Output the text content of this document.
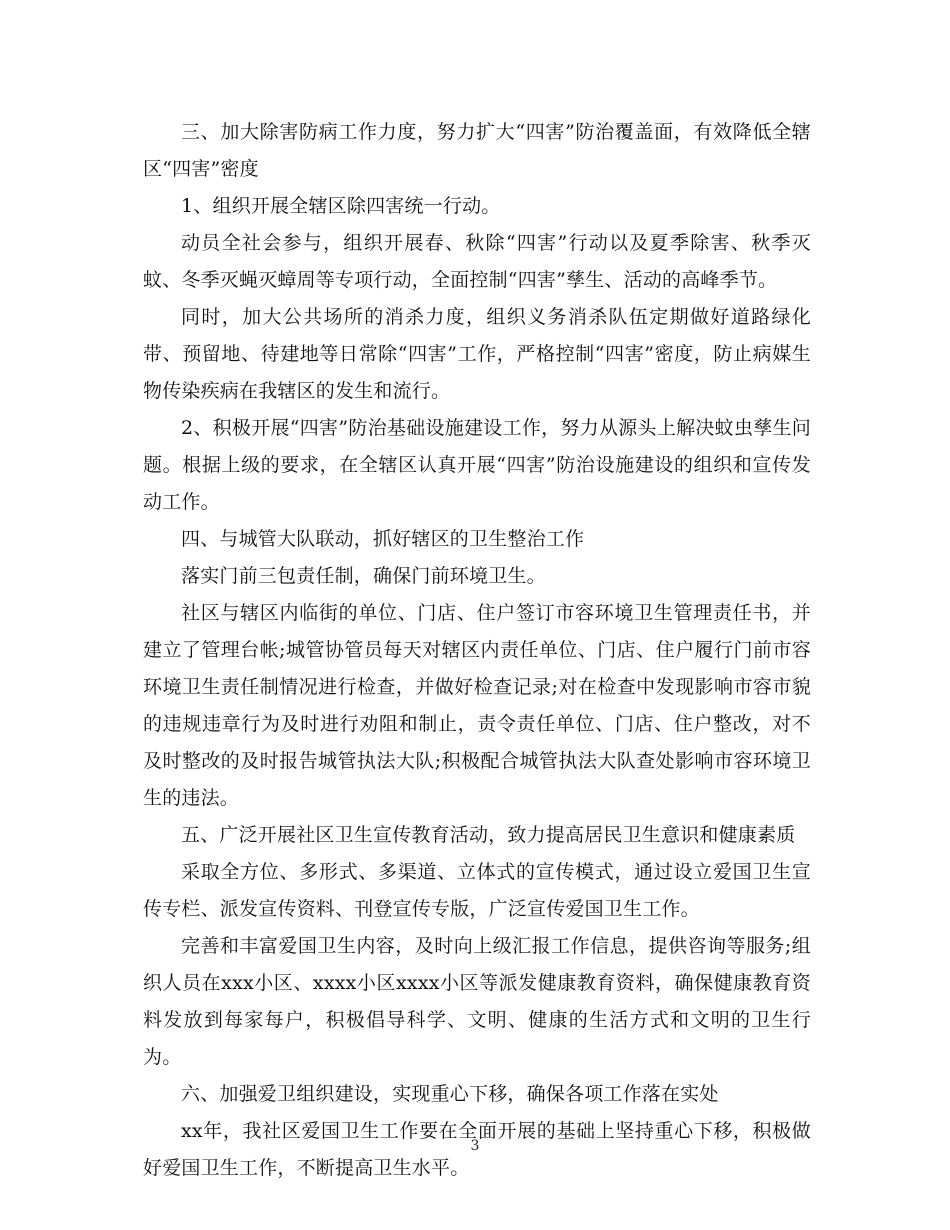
三、加大除害防病工作力度，努力扩大“四害”防治覆盖面，有效降低全辖区“四害”密度

1、组织开展全辖区除四害统一行动。

动员全社会参与，组织开展春、秋除“四害”行动以及夏季除害、秋季灭蚊、冬季灭蝇灭蟑周等专项行动，全面控制“四害”孳生、活动的高峰季节。

同时，加大公共场所的消杀力度，组织义务消杀队伍定期做好道路绿化带、预留地、待建地等日常除“四害”工作，严格控制“四害”密度，防止病媒生物传染疾病在我辖区的发生和流行。

2、积极开展“四害”防治基础设施建设工作，努力从源头上解决蚊虫孳生问题。根据上级的要求，在全辖区认真开展“四害”防治设施建设的组织和宣传发动工作。

四、与城管大队联动，抓好辖区的卫生整治工作

落实门前三包责任制，确保门前环境卫生。

社区与辖区内临街的单位、门店、住户签订市容环境卫生管理责任书，并建立了管理台帐;城管协管员每天对辖区内责任单位、门店、住户履行门前市容环境卫生责任制情况进行检查，并做好检查记录;对在检查中发现影响市容市貌的违规违章行为及时进行劝阻和制止，责令责任单位、门店、住户整改，对不及时整改的及时报告城管执法大队;积极配合城管执法大队查处影响市容环境卫生的违法。

五、广泛开展社区卫生宣传教育活动，致力提高居民卫生意识和健康素质

采取全方位、多形式、多渠道、立体式的宣传模式，通过设立爱国卫生宣传专栏、派发宣传资料、刊登宣传专版，广泛宣传爱国卫生工作。

完善和丰富爱国卫生内容，及时向上级汇报工作信息，提供咨询等服务;组织人员在xxx小区、xxxx小区xxxx小区等派发健康教育资料，确保健康教育资料发放到每家每户，积极倡导科学、文明、健康的生活方式和文明的卫生行为。

六、加强爱卫组织建设，实现重心下移，确保各项工作落在实处

xx年，我社区爱国卫生工作要在全面开展的基础上坚持重心下移，积极做好爱国卫生工作，不断提高卫生水平。

3
